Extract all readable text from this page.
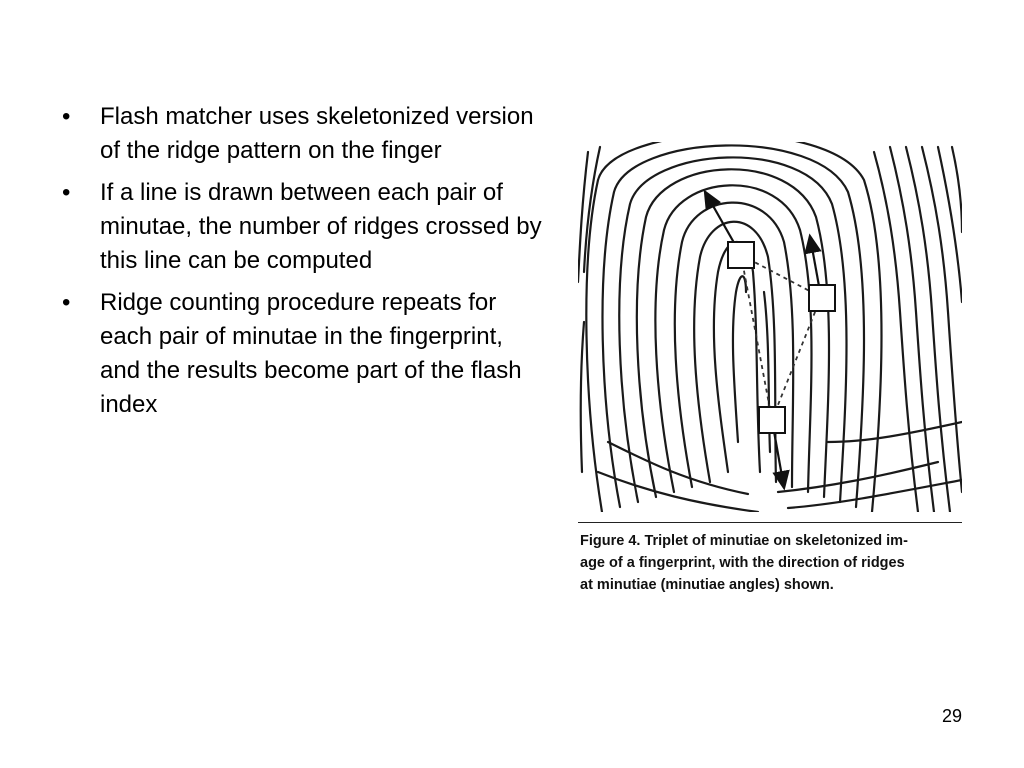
•	Flash matcher uses skeletonized version of the ridge pattern on the finger
•	If a line is drawn between each pair of minutae, the number of ridges crossed by this line can be computed
•	Ridge counting procedure repeats for each pair of minutae in the fingerprint, and the results become part of the flash index
Figure 4. Triplet of minutiae on skeletonized im-
age of a fingerprint, with the direction of ridges
at minutiae (minutiae angles) shown.
29
